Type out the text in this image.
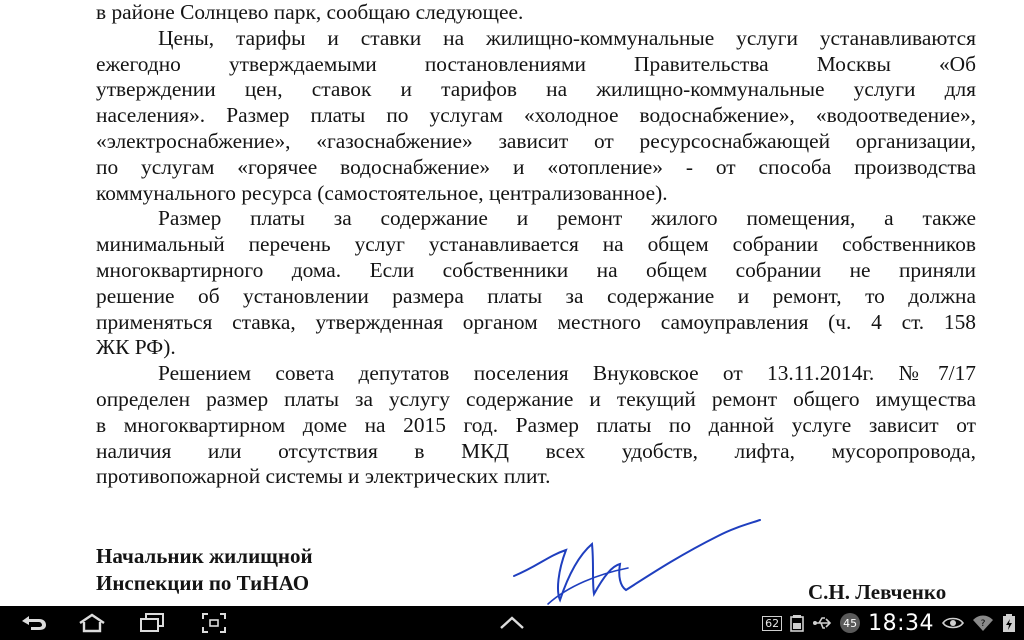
в районе Солнцево парк, сообщаю следующее.
Цены, тарифы и ставки на жилищно-коммунальные услуги устанавливаются
ежегодно утверждаемыми постановлениями Правительства Москвы «Об
утверждении цен, ставок и тарифов на жилищно-коммунальные услуги для
населения». Размер платы по услугам «холодное водоснабжение», «водоотведение»,
«электроснабжение», «газоснабжение» зависит от ресурсоснабжающей организации,
по услугам «горячее водоснабжение» и «отопление» - от способа производства
коммунального ресурса (самостоятельное, централизованное).
Размер платы за содержание и ремонт жилого помещения, а также
минимальный перечень услуг устанавливается на общем собрании собственников
многоквартирного дома. Если собственники на общем собрании не приняли
решение об установлении размера платы за содержание и ремонт, то должна
применяться ставка, утвержденная органом местного самоуправления (ч. 4 ст. 158
ЖК РФ).
Решением совета депутатов поселения Внуковское от 13.11.2014г. №7/17
определен размер платы за услугу содержание и текущий ремонт общего имущества
в многоквартирном доме на 2015 год. Размер платы по данной услуге зависит от
наличия или отсутствия в МКД всех удобств, лифта, мусоропровода,
противопожарной системы и электрических плит.
Начальник жилищной
Инспекции по ТиНАО	С.Н. Левченко
62	45 18:34	?
